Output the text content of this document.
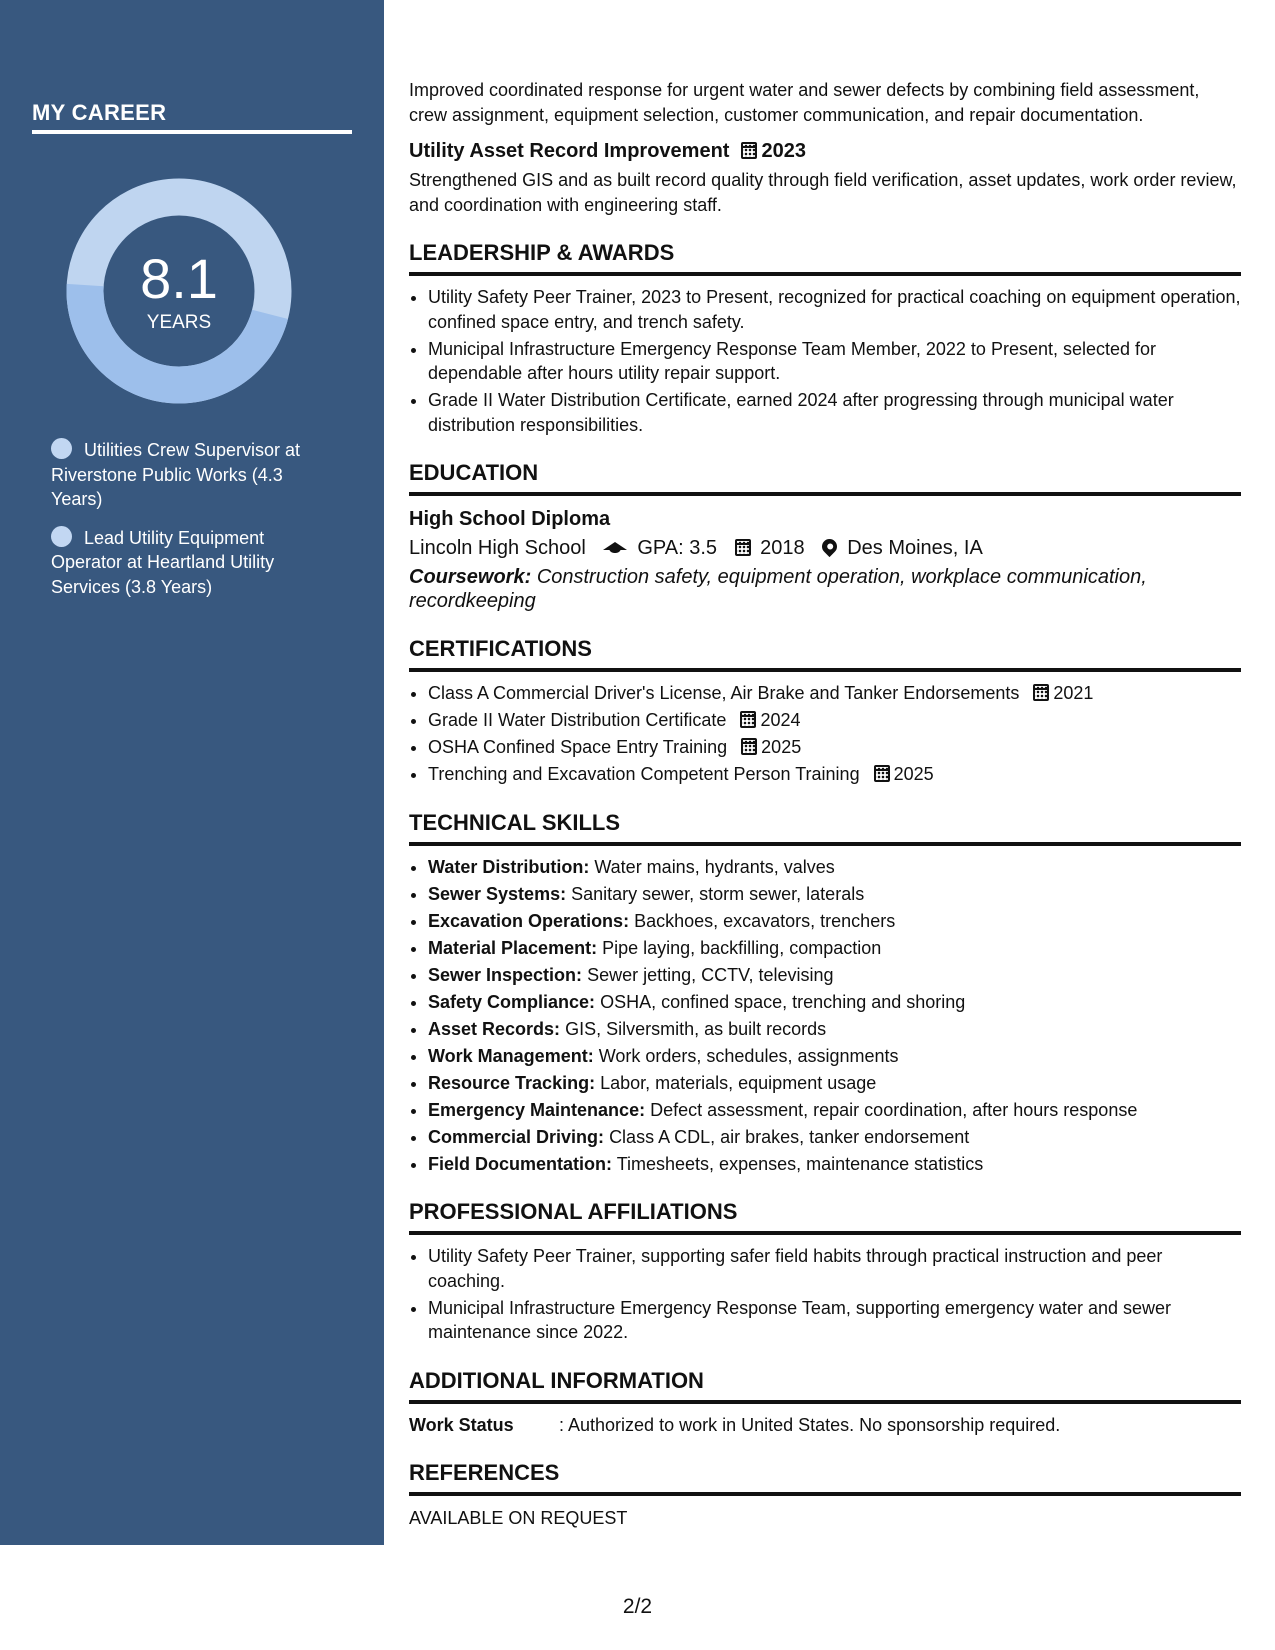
MY CAREER
8.1
YEARS
Utilities Crew Supervisor at Riverstone Public Works (4.3 Years)
Lead Utility Equipment Operator at Heartland Utility Services (3.8 Years)
Improved coordinated response for urgent water and sewer defects by combining field assessment, crew assignment, equipment selection, customer communication, and repair documentation.
Utility Asset Record Improvement 2023
Strengthened GIS and as built record quality through field verification, asset updates, work order review, and coordination with engineering staff.
LEADERSHIP & AWARDS
• Utility Safety Peer Trainer, 2023 to Present, recognized for practical coaching on equipment operation, confined space entry, and trench safety.
• Municipal Infrastructure Emergency Response Team Member, 2022 to Present, selected for dependable after hours utility repair support.
• Grade II Water Distribution Certificate, earned 2024 after progressing through municipal water distribution responsibilities.
EDUCATION
High School Diploma
Lincoln High School	GPA: 3.5 2018 Des Moines, IA
Coursework: Construction safety, equipment operation, workplace communication, recordkeeping
CERTIFICATIONS
• Class A Commercial Driver's License, Air Brake and Tanker Endorsements 2021
• Grade II Water Distribution Certificate 2024
• OSHA Confined Space Entry Training 2025
• Trenching and Excavation Competent Person Training 2025
TECHNICAL SKILLS
• Water Distribution: Water mains, hydrants, valves
• Sewer Systems: Sanitary sewer, storm sewer, laterals
• Excavation Operations: Backhoes, excavators, trenchers
• Material Placement: Pipe laying, backfilling, compaction
• Sewer Inspection: Sewer jetting, CCTV, televising
• Safety Compliance: OSHA, confined space, trenching and shoring
• Asset Records: GIS, Silversmith, as built records
• Work Management: Work orders, schedules, assignments
• Resource Tracking: Labor, materials, equipment usage
• Emergency Maintenance: Defect assessment, repair coordination, after hours response
• Commercial Driving: Class A CDL, air brakes, tanker endorsement
• Field Documentation: Timesheets, expenses, maintenance statistics
PROFESSIONAL AFFILIATIONS
• Utility Safety Peer Trainer, supporting safer field habits through practical instruction and peer coaching.
• Municipal Infrastructure Emergency Response Team, supporting emergency water and sewer maintenance since 2022.
ADDITIONAL INFORMATION
Work Status	: Authorized to work in United States. No sponsorship required.
REFERENCES
AVAILABLE ON REQUEST
2/2
